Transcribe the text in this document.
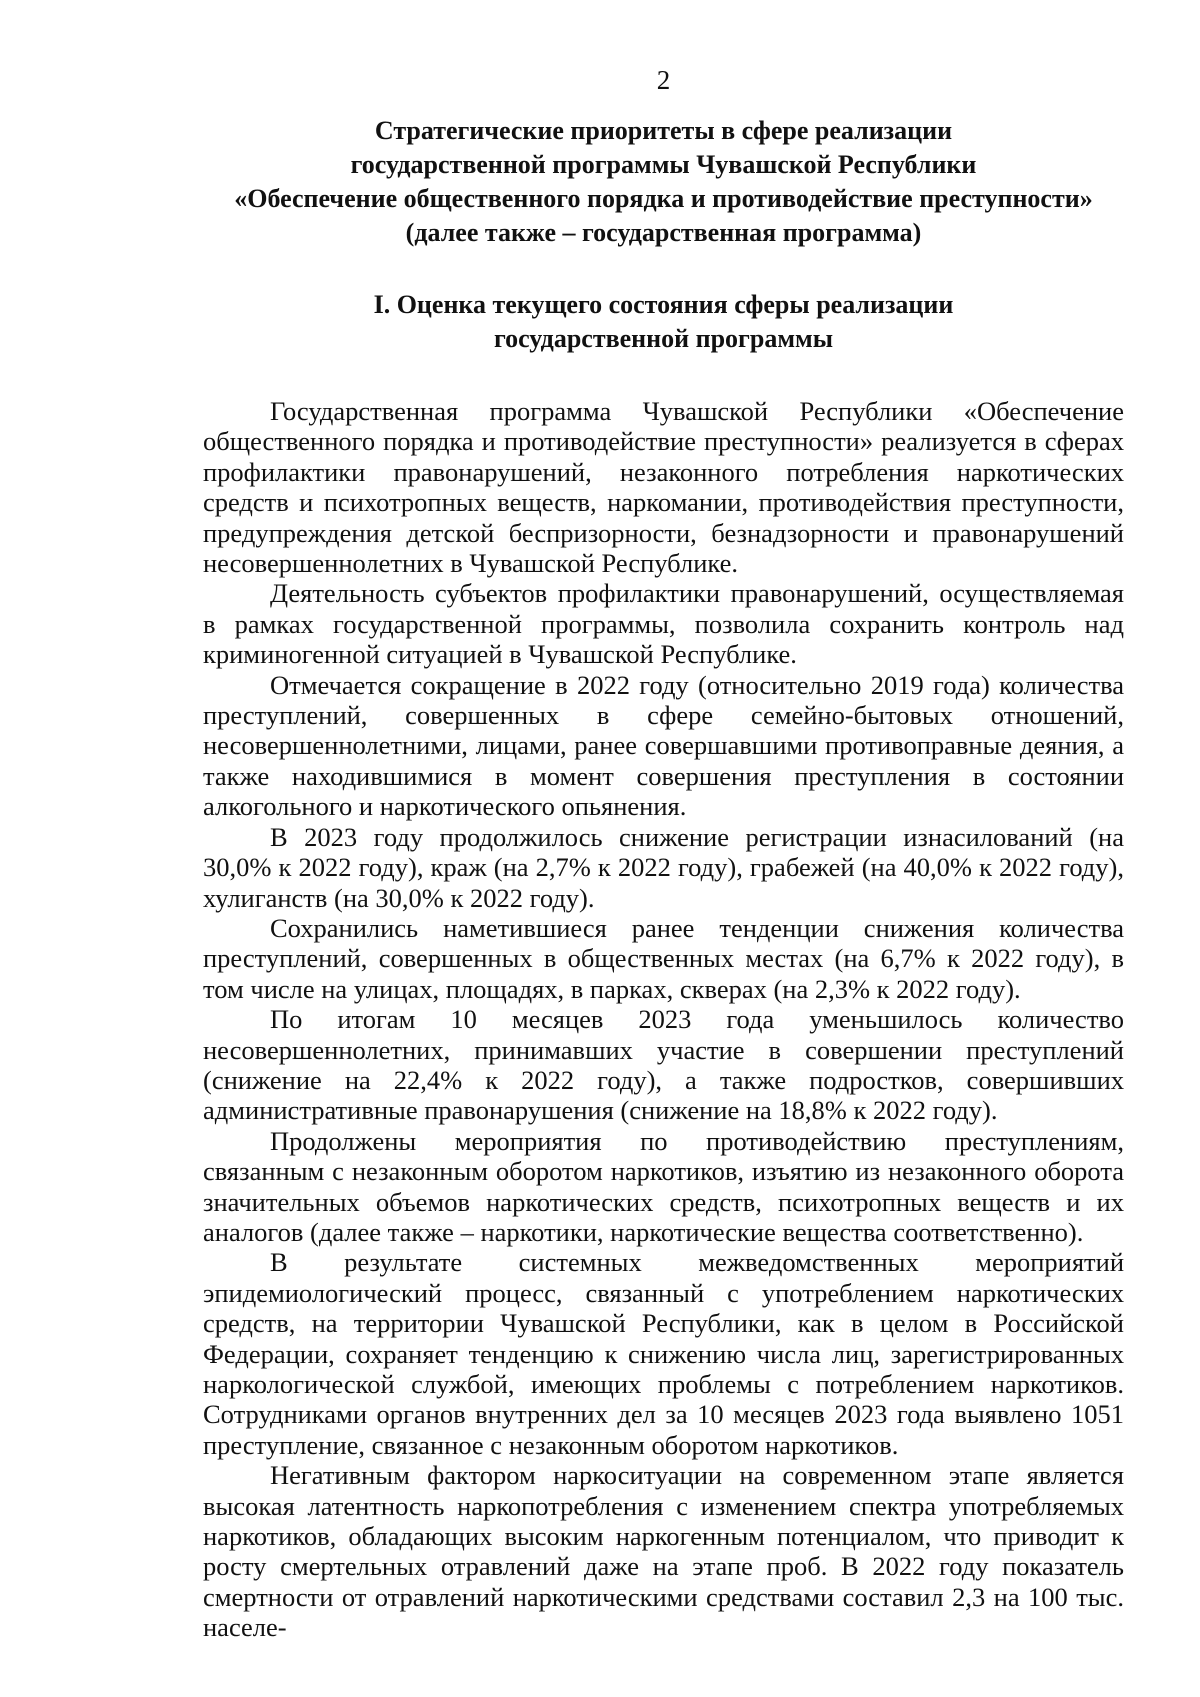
2
Стратегические приоритеты в сфере реализации
государственной программы Чувашской Республики
«Обеспечение общественного порядка и противодействие преступности»
(далее также – государственная программа)
I. Оценка текущего состояния сферы реализации
государственной программы

Государственная программа Чувашской Республики «Обеспечение общественного порядка и противодействие преступности» реализуется в сферах профилактики правонарушений, незаконного потребления наркотических средств и психотропных веществ, наркомании, противодействия преступности, предупреждения детской беспризорности, безнадзорности и правонарушений несовершеннолетних в Чувашской Республике.

Деятельность субъектов профилактики правонарушений, осуществляемая в рамках государственной программы, позволила сохранить контроль над криминогенной ситуацией в Чувашской Республике.

Отмечается сокращение в 2022 году (относительно 2019 года) количества преступлений, совершенных в сфере семейно-бытовых отношений, несовершеннолетними, лицами, ранее совершавшими противоправные деяния, а также находившимися в момент совершения преступления в состоянии алкогольного и наркотического опьянения.

В 2023 году продолжилось снижение регистрации изнасилований (на 30,0% к 2022 году), краж (на 2,7% к 2022 году), грабежей (на 40,0% к 2022 году), хулиганств (на 30,0% к 2022 году).

Сохранились наметившиеся ранее тенденции снижения количества преступлений, совершенных в общественных местах (на 6,7% к 2022 году), в том числе на улицах, площадях, в парках, скверах (на 2,3% к 2022 году).

По итогам 10 месяцев 2023 года уменьшилось количество несовершеннолетних, принимавших участие в совершении преступлений (снижение на 22,4% к 2022 году), а также подростков, совершивших административные правонарушения (снижение на 18,8% к 2022 году).

Продолжены мероприятия по противодействию преступлениям, связанным с незаконным оборотом наркотиков, изъятию из незаконного оборота значительных объемов наркотических средств, психотропных веществ и их аналогов (далее также – наркотики, наркотические вещества соответственно).

В результате системных межведомственных мероприятий эпидемиологический процесс, связанный с употреблением наркотических средств, на территории Чувашской Республики, как в целом в Российской Федерации, сохраняет тенденцию к снижению числа лиц, зарегистрированных наркологической службой, имеющих проблемы с потреблением наркотиков. Сотрудниками органов внутренних дел за 10 месяцев 2023 года выявлено 1051 преступление, связанное с незаконным оборотом наркотиков.

Негативным фактором наркоситуации на современном этапе является высокая латентность наркопотребления с изменением спектра употребляемых наркотиков, обладающих высоким наркогенным потенциалом, что приводит к росту смертельных отравлений даже на этапе проб. В 2022 году показатель смертности от отравлений наркотическими средствами составил 2,3 на 100 тыс. населе-
